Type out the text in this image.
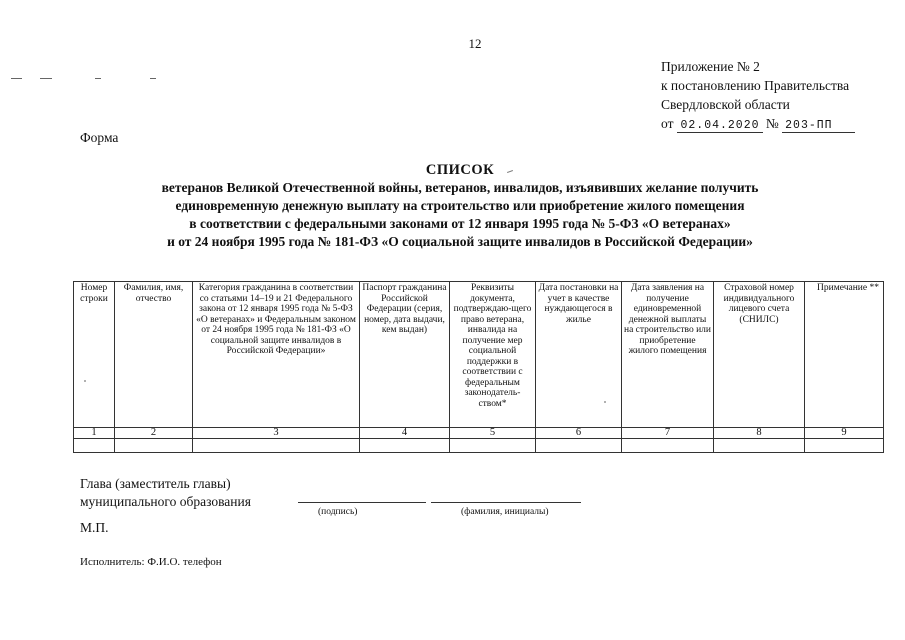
12
Приложение № 2
к постановлению Правительства
Свердловской области
от 02.04.2020 № 203-ПП
Форма
СПИСОК
ветеранов Великой Отечественной войны, ветеранов, инвалидов, изъявивших желание получить
единовременную денежную выплату на строительство или приобретение жилого помещения
в соответствии с федеральными законами от 12 января 1995 года № 5-ФЗ «О ветеранах»
и от 24 ноября 1995 года № 181-ФЗ «О социальной защите инвалидов в Российской Федерации»
Номер строки	Фамилия, имя, отчество	Категория гражданина в соответствии со статьями 14–19 и 21 Федерального закона от 12 января 1995 года № 5-ФЗ «О ветеранах» и Федеральным законом от 24 ноября 1995 года № 181-ФЗ «О социальной защите инвалидов в Российской Федерации»	Паспорт гражданина Российской Федерации (серия, номер, дата выдачи, кем выдан)	Реквизиты документа, подтверждаю-щего право ветерана, инвалида на получение мер социальной поддержки в соответствии с федеральным законодатель-ством*	Дата постановки на учет в качестве нуждающегося в жилье	Дата заявления на получение единовременной денежной выплаты на строительство или приобретение жилого помещения	Страховой номер индивидуального лицевого счета (СНИЛС)	Примечание **
1	2	3	4	5	6	7	8	9

Глава (заместитель главы)
муниципального образования
(подпись)	(фамилия, инициалы)
М.П.
Исполнитель: Ф.И.О. телефон
